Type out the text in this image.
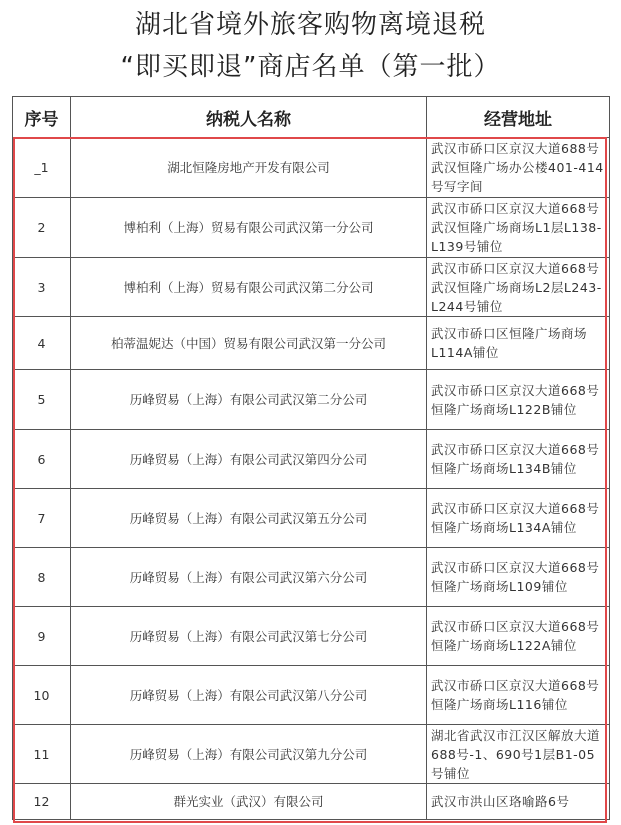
湖北省境外旅客购物离境退税
“即买即退”商店名单（第一批）
序号	纳税人名称	经营地址
_1	湖北恒隆房地产开发有限公司	武汉市硚口区京汉大道688号武汉恒隆广场办公楼401-414号写字间
2	博柏利（上海）贸易有限公司武汉第一分公司	武汉市硚口区京汉大道668号武汉恒隆广场商场L1层L138-L139号铺位
3	博柏利（上海）贸易有限公司武汉第二分公司	武汉市硚口区京汉大道668号武汉恒隆广场商场L2层L243-L244号铺位
4	柏蒂温妮达（中国）贸易有限公司武汉第一分公司	武汉市硚口区恒隆广场商场L114A铺位
5	历峰贸易（上海）有限公司武汉第二分公司	武汉市硚口区京汉大道668号恒隆广场商场L122B铺位
6	历峰贸易（上海）有限公司武汉第四分公司	武汉市硚口区京汉大道668号恒隆广场商场L134B铺位
7	历峰贸易（上海）有限公司武汉第五分公司	武汉市硚口区京汉大道668号恒隆广场商场L134A铺位
8	历峰贸易（上海）有限公司武汉第六分公司	武汉市硚口区京汉大道668号恒隆广场商场L109铺位
9	历峰贸易（上海）有限公司武汉第七分公司	武汉市硚口区京汉大道668号恒隆广场商场L122A铺位
10	历峰贸易（上海）有限公司武汉第八分公司	武汉市硚口区京汉大道668号恒隆广场商场L116铺位
11	历峰贸易（上海）有限公司武汉第九分公司	湖北省武汉市江汉区解放大道688号-1、690号1层B1-05号铺位
12	群光实业（武汉）有限公司	武汉市洪山区珞喻路6号
